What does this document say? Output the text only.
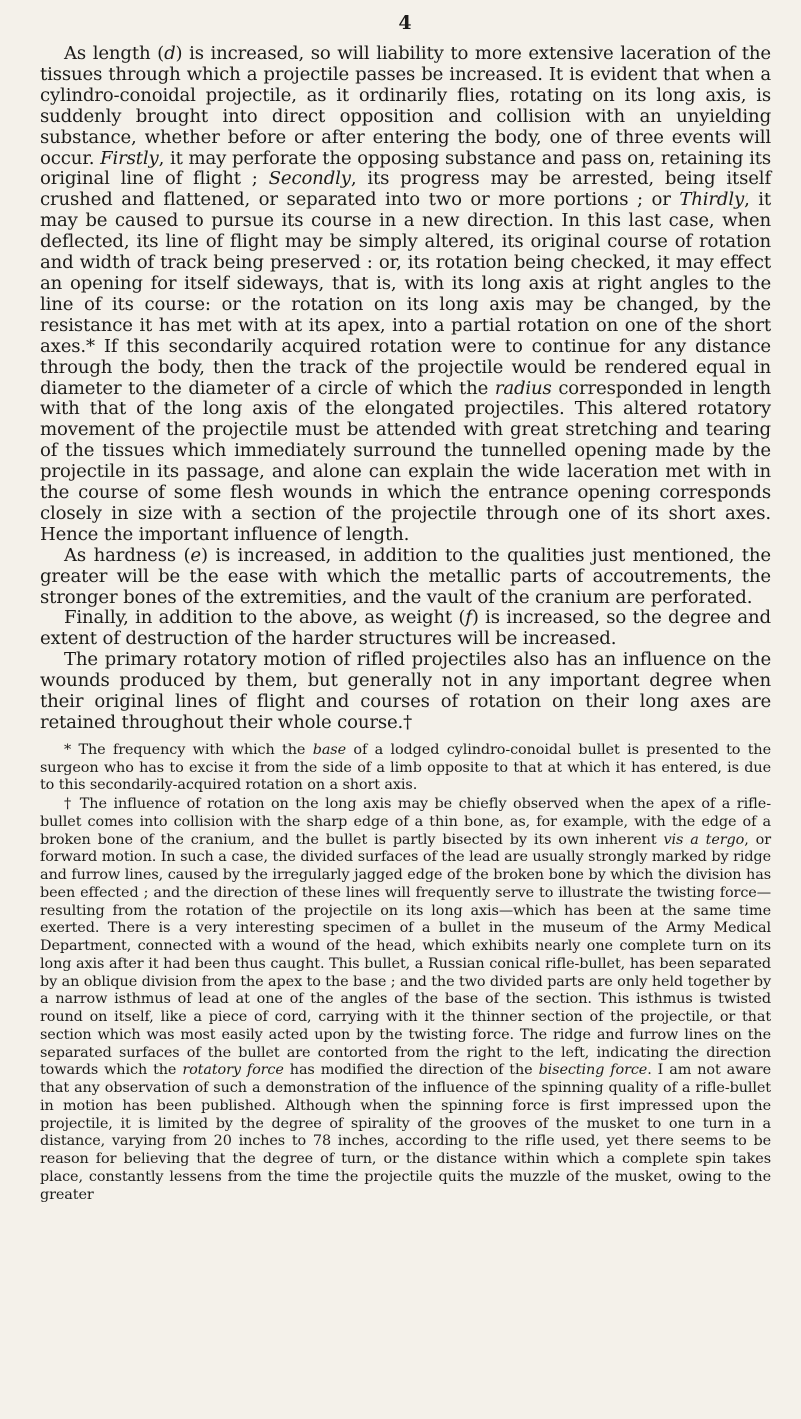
4

As length (d) is increased, so will liability to more extensive laceration of the tissues through which a projectile passes be increased. It is evident that when a cylindro-conoidal projectile, as it ordinarily flies, rotating on its long axis, is suddenly brought into direct opposition and collision with an unyielding substance, whether before or after entering the body, one of three events will occur. Firstly, it may perforate the opposing substance and pass on, retaining its original line of flight ; Secondly, its progress may be arrested, being itself crushed and flattened, or separated into two or more portions ; or Thirdly, it may be caused to pursue its course in a new direction. In this last case, when deflected, its line of flight may be simply altered, its original course of rotation and width of track being preserved : or, its rotation being checked, it may effect an opening for itself sideways, that is, with its long axis at right angles to the line of its course: or the rotation on its long axis may be changed, by the resistance it has met with at its apex, into a partial rotation on one of the short axes.* If this secondarily acquired rotation were to continue for any distance through the body, then the track of the projectile would be rendered equal in diameter to the diameter of a circle of which the radius corresponded in length with that of the long axis of the elongated projectiles. This altered rotatory movement of the projectile must be attended with great stretching and tearing of the tissues which immediately surround the tunnelled opening made by the projectile in its passage, and alone can explain the wide laceration met with in the course of some flesh wounds in which the entrance opening corresponds closely in size with a section of the projectile through one of its short axes. Hence the important influence of length.

As hardness (e) is increased, in addition to the qualities just mentioned, the greater will be the ease with which the metallic parts of accoutrements, the stronger bones of the extremities, and the vault of the cranium are perforated.

Finally, in addition to the above, as weight (f) is increased, so the degree and extent of destruction of the harder structures will be increased.

The primary rotatory motion of rifled projectiles also has an influence on the wounds produced by them, but generally not in any important degree when their original lines of flight and courses of rotation on their long axes are retained throughout their whole course.†

* The frequency with which the base of a lodged cylindro-conoidal bullet is presented to the surgeon who has to excise it from the side of a limb opposite to that at which it has entered, is due to this secondarily-acquired rotation on a short axis.

† The influence of rotation on the long axis may be chiefly observed when the apex of a rifle-bullet comes into collision with the sharp edge of a thin bone, as, for example, with the edge of a broken bone of the cranium, and the bullet is partly bisected by its own inherent vis a tergo, or forward motion. In such a case, the divided surfaces of the lead are usually strongly marked by ridge and furrow lines, caused by the irregularly jagged edge of the broken bone by which the division has been effected ; and the direction of these lines will frequently serve to illustrate the twisting force—resulting from the rotation of the projectile on its long axis—which has been at the same time exerted. There is a very interesting specimen of a bullet in the museum of the Army Medical Department, connected with a wound of the head, which exhibits nearly one complete turn on its long axis after it had been thus caught. This bullet, a Russian conical rifle-bullet, has been separated by an oblique division from the apex to the base ; and the two divided parts are only held together by a narrow isthmus of lead at one of the angles of the base of the section. This isthmus is twisted round on itself, like a piece of cord, carrying with it the thinner section of the projectile, or that section which was most easily acted upon by the twisting force. The ridge and furrow lines on the separated surfaces of the bullet are contorted from the right to the left, indicating the direction towards which the rotatory force has modified the direction of the bisecting force. I am not aware that any observation of such a demonstration of the influence of the spinning quality of a rifle-bullet in motion has been published. Although when the spinning force is first impressed upon the projectile, it is limited by the degree of spirality of the grooves of the musket to one turn in a distance, varying from 20 inches to 78 inches, according to the rifle used, yet there seems to be reason for believing that the degree of turn, or the distance within which a complete spin takes place, constantly lessens from the time the projectile quits the muzzle of the musket, owing to the greater
